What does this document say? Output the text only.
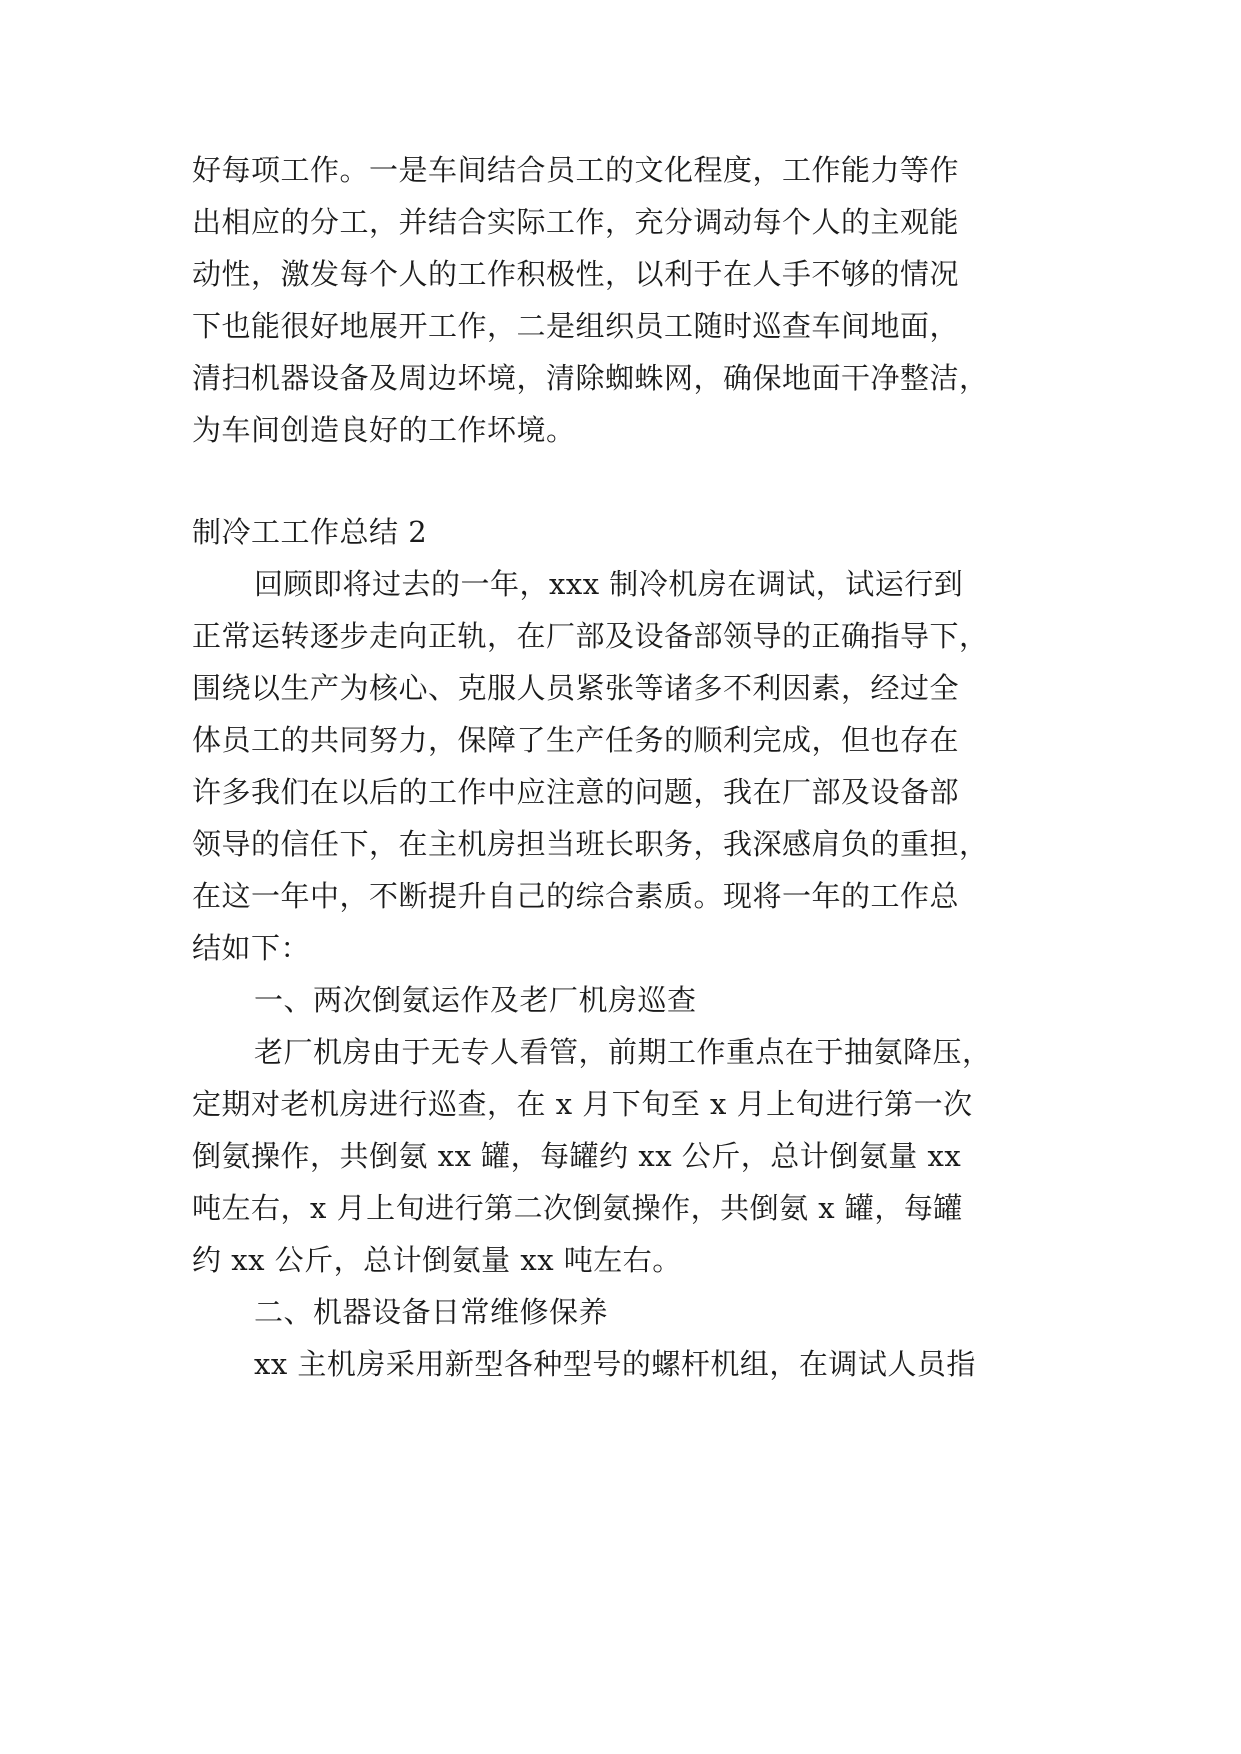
好每项工作。一是车间结合员工的文化程度，工作能力等作
出相应的分工，并结合实际工作，充分调动每个人的主观能
动性，激发每个人的工作积极性，以利于在人手不够的情况
下也能很好地展开工作，二是组织员工随时巡查车间地面，
清扫机器设备及周边坏境，清除蜘蛛网，确保地面干净整洁，
为车间创造良好的工作坏境。
制冷工工作总结 2
回顾即将过去的一年，xxx 制冷机房在调试，试运行到
正常运转逐步走向正轨，在厂部及设备部领导的正确指导下，
围绕以生产为核心、克服人员紧张等诸多不利因素，经过全
体员工的共同努力，保障了生产任务的顺利完成，但也存在
许多我们在以后的工作中应注意的问题，我在厂部及设备部
领导的信任下，在主机房担当班长职务，我深感肩负的重担，
在这一年中，不断提升自己的综合素质。现将一年的工作总
结如下：
一、两次倒氨运作及老厂机房巡查
老厂机房由于无专人看管，前期工作重点在于抽氨降压，
定期对老机房进行巡查，在 x 月下旬至 x 月上旬进行第一次
倒氨操作，共倒氨 xx 罐，每罐约 xx 公斤，总计倒氨量 xx
吨左右，x 月上旬进行第二次倒氨操作，共倒氨 x 罐，每罐
约 xx 公斤，总计倒氨量 xx 吨左右。
二、机器设备日常维修保养
xx 主机房采用新型各种型号的螺杆机组，在调试人员指
